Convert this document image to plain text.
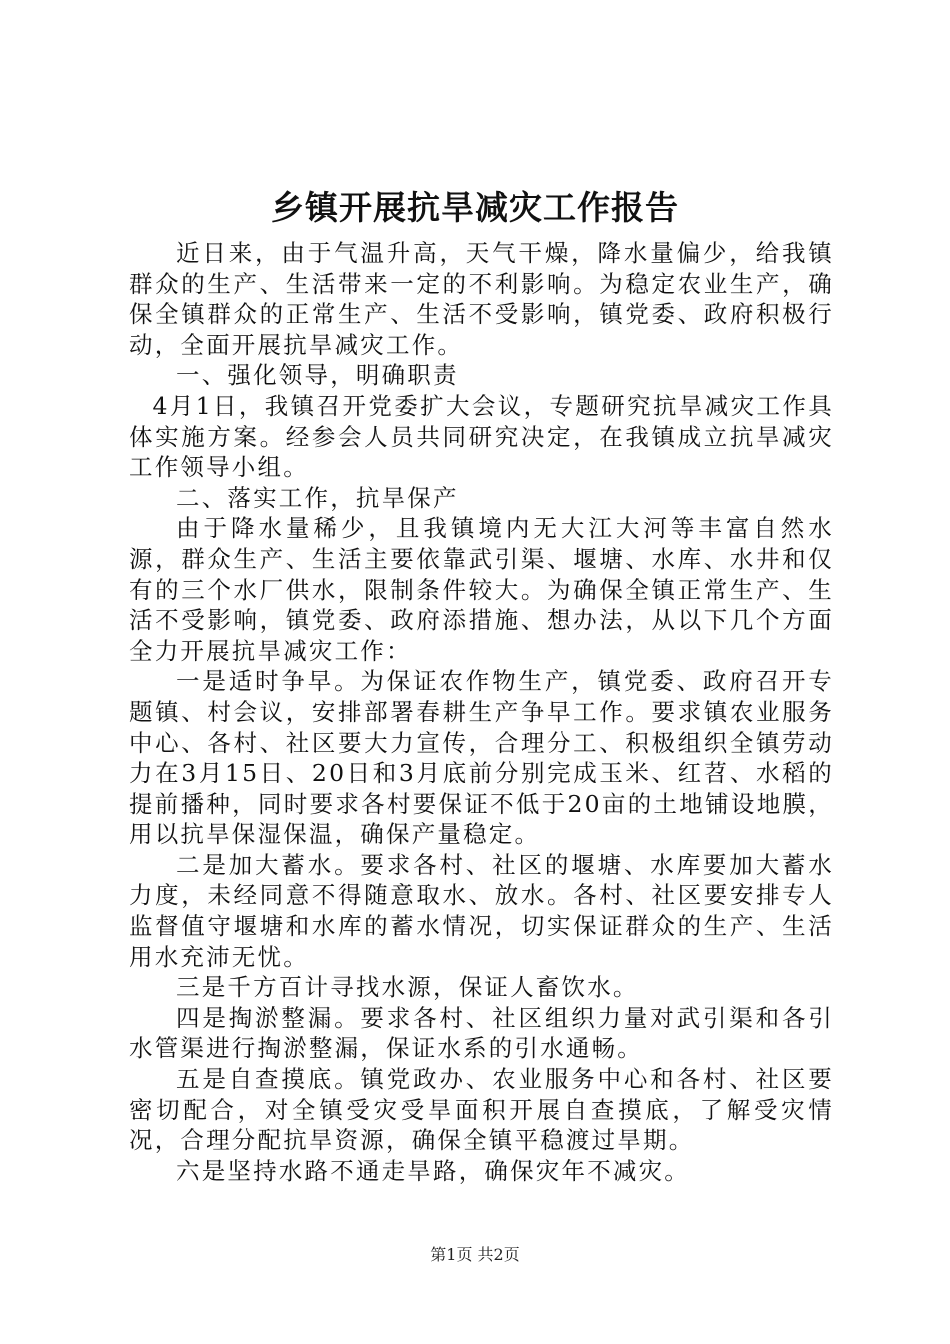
乡镇开展抗旱减灾工作报告

近日来，由于气温升高，天气干燥，降水量偏少，给我镇群众的生产、生活带来一定的不利影响。为稳定农业生产，确保全镇群众的正常生产、生活不受影响，镇党委、政府积极行动，全面开展抗旱减灾工作。

一、强化领导，明确职责

4月1日，我镇召开党委扩大会议，专题研究抗旱减灾工作具体实施方案。经参会人员共同研究决定，在我镇成立抗旱减灾工作领导小组。

二、落实工作，抗旱保产

由于降水量稀少，且我镇境内无大江大河等丰富自然水源，群众生产、生活主要依靠武引渠、堰塘、水库、水井和仅有的三个水厂供水，限制条件较大。为确保全镇正常生产、生活不受影响，镇党委、政府添措施、想办法，从以下几个方面全力开展抗旱减灾工作：

一是适时争早。为保证农作物生产，镇党委、政府召开专题镇、村会议，安排部署春耕生产争早工作。要求镇农业服务中心、各村、社区要大力宣传，合理分工、积极组织全镇劳动力在3月15日、20日和3月底前分别完成玉米、红苕、水稻的提前播种，同时要求各村要保证不低于20亩的土地铺设地膜，用以抗旱保湿保温，确保产量稳定。

二是加大蓄水。要求各村、社区的堰塘、水库要加大蓄水力度，未经同意不得随意取水、放水。各村、社区要安排专人监督值守堰塘和水库的蓄水情况，切实保证群众的生产、生活用水充沛无忧。

三是千方百计寻找水源，保证人畜饮水。

四是掏淤整漏。要求各村、社区组织力量对武引渠和各引水管渠进行掏淤整漏，保证水系的引水通畅。

五是自查摸底。镇党政办、农业服务中心和各村、社区要密切配合，对全镇受灾受旱面积开展自查摸底，了解受灾情况，合理分配抗旱资源，确保全镇平稳渡过旱期。

六是坚持水路不通走旱路，确保灾年不减灾。

第1页 共2页
